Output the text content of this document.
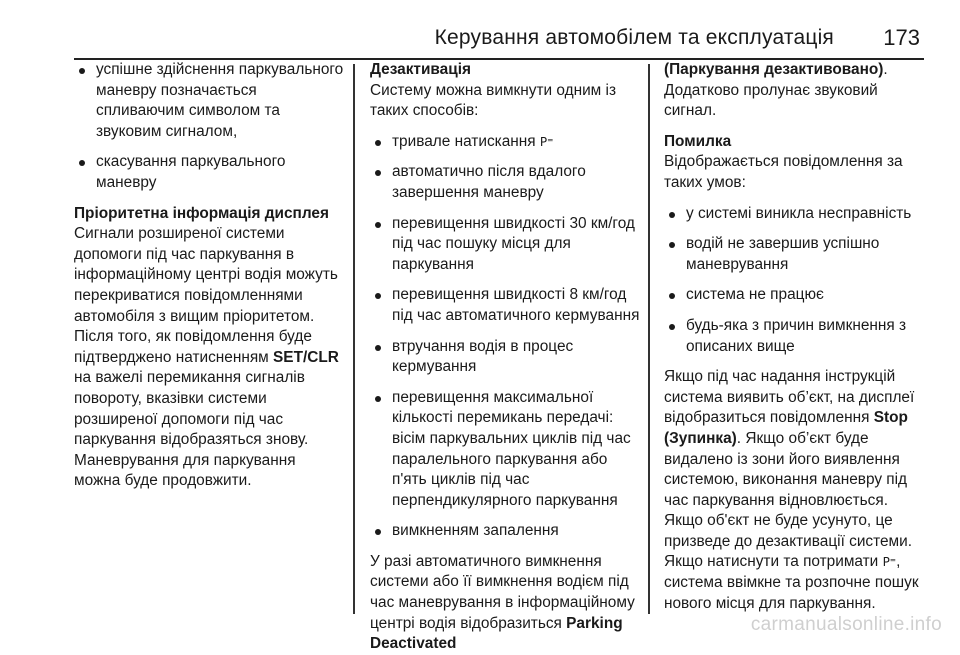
Керування автомобілем та експлуатація 173
успішне здійснення паркувального маневру позначається спливаючим символом та звуковим сигналом,
скасування паркувального маневру

Пріоритетна інформація дисплея

Сигнали розширеної системи допомоги під час паркування в інформаційному центрі водія можуть перекриватися повідомленнями автомобіля з вищим пріоритетом. Після того, як повідомлення буде підтверджено натисненням SET/CLR на важелі перемикання сигналів повороту, вказівки системи розширеної допомоги під час паркування відобразяться знову.

Маневрування для паркування можна буде продовжити.

Дезактивація

Систему можна вимкнути одним із таких способів:

тривале натискання P⁼
автоматично після вдалого завершення маневру
перевищення швидкості 30 км/год під час пошуку місця для паркування
перевищення швидкості 8 км/год під час автоматичного кермування
втручання водія в процес кермування
перевищення максимальної кількості перемикань передачі: вісім паркувальних циклів під час паралельного паркування або п'ять циклів під час перпендикулярного паркування
вимкненням запалення

У разі автоматичного вимкнення системи або її вимкнення водієм під час маневрування в інформаційному центрі водія відобразиться Parking Deactivated

(Паркування дезактивовано).

Додатково пролунає звуковий сигнал.

Помилка

Відображається повідомлення за таких умов:

у системі виникла несправність
водій не завершив успішно маневрування
система не працює
будь-яка з причин вимкнення з описаних вище

Якщо під час надання інструкцій система виявить об’єкт, на дисплеї відобразиться повідомлення Stop (Зупинка). Якщо об’єкт буде видалено із зони його виявлення системою, виконання маневру під час паркування відновлюється.

Якщо об'єкт не буде усунуто, це призведе до дезактивації системи.

Якщо натиснути та потримати P⁼, система ввімкне та розпочне пошук нового місця для паркування.

carmanualsonline.info
